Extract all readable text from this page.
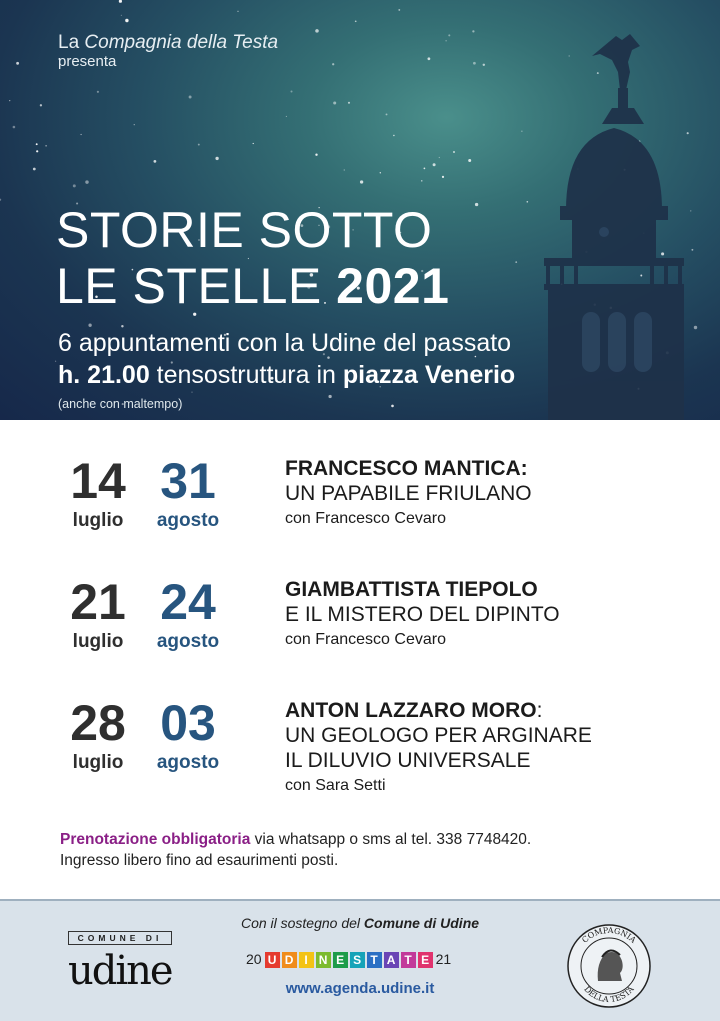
La Compagnia della Testa
presenta
STORIE SOTTO
LE STELLE 2021
6 appuntamenti con la Udine del passato
h. 21.00 tensostruttura in piazza Venerio
(anche con maltempo)
14
luglio
31
agosto
FRANCESCO MANTICA:
UN PAPABILE FRIULANO
con Francesco Cevaro
21
luglio
24
agosto
GIAMBATTISTA TIEPOLO
E IL MISTERO DEL DIPINTO
con Francesco Cevaro
28
luglio
03
agosto
ANTON LAZZARO MORO:
UN GEOLOGO PER ARGINARE
IL DILUVIO UNIVERSALE
con Sara Setti
Prenotazione obbligatoria via whatsapp o sms al tel. 338 7748420.
Ingresso libero fino ad esaurimenti posti.
COMUNE DI
udine
Con il sostegno del Comune di Udine
20 U D I N E S T A T E 21
www.agenda.udine.it
COMPAGNIA
DELLA TESTA
